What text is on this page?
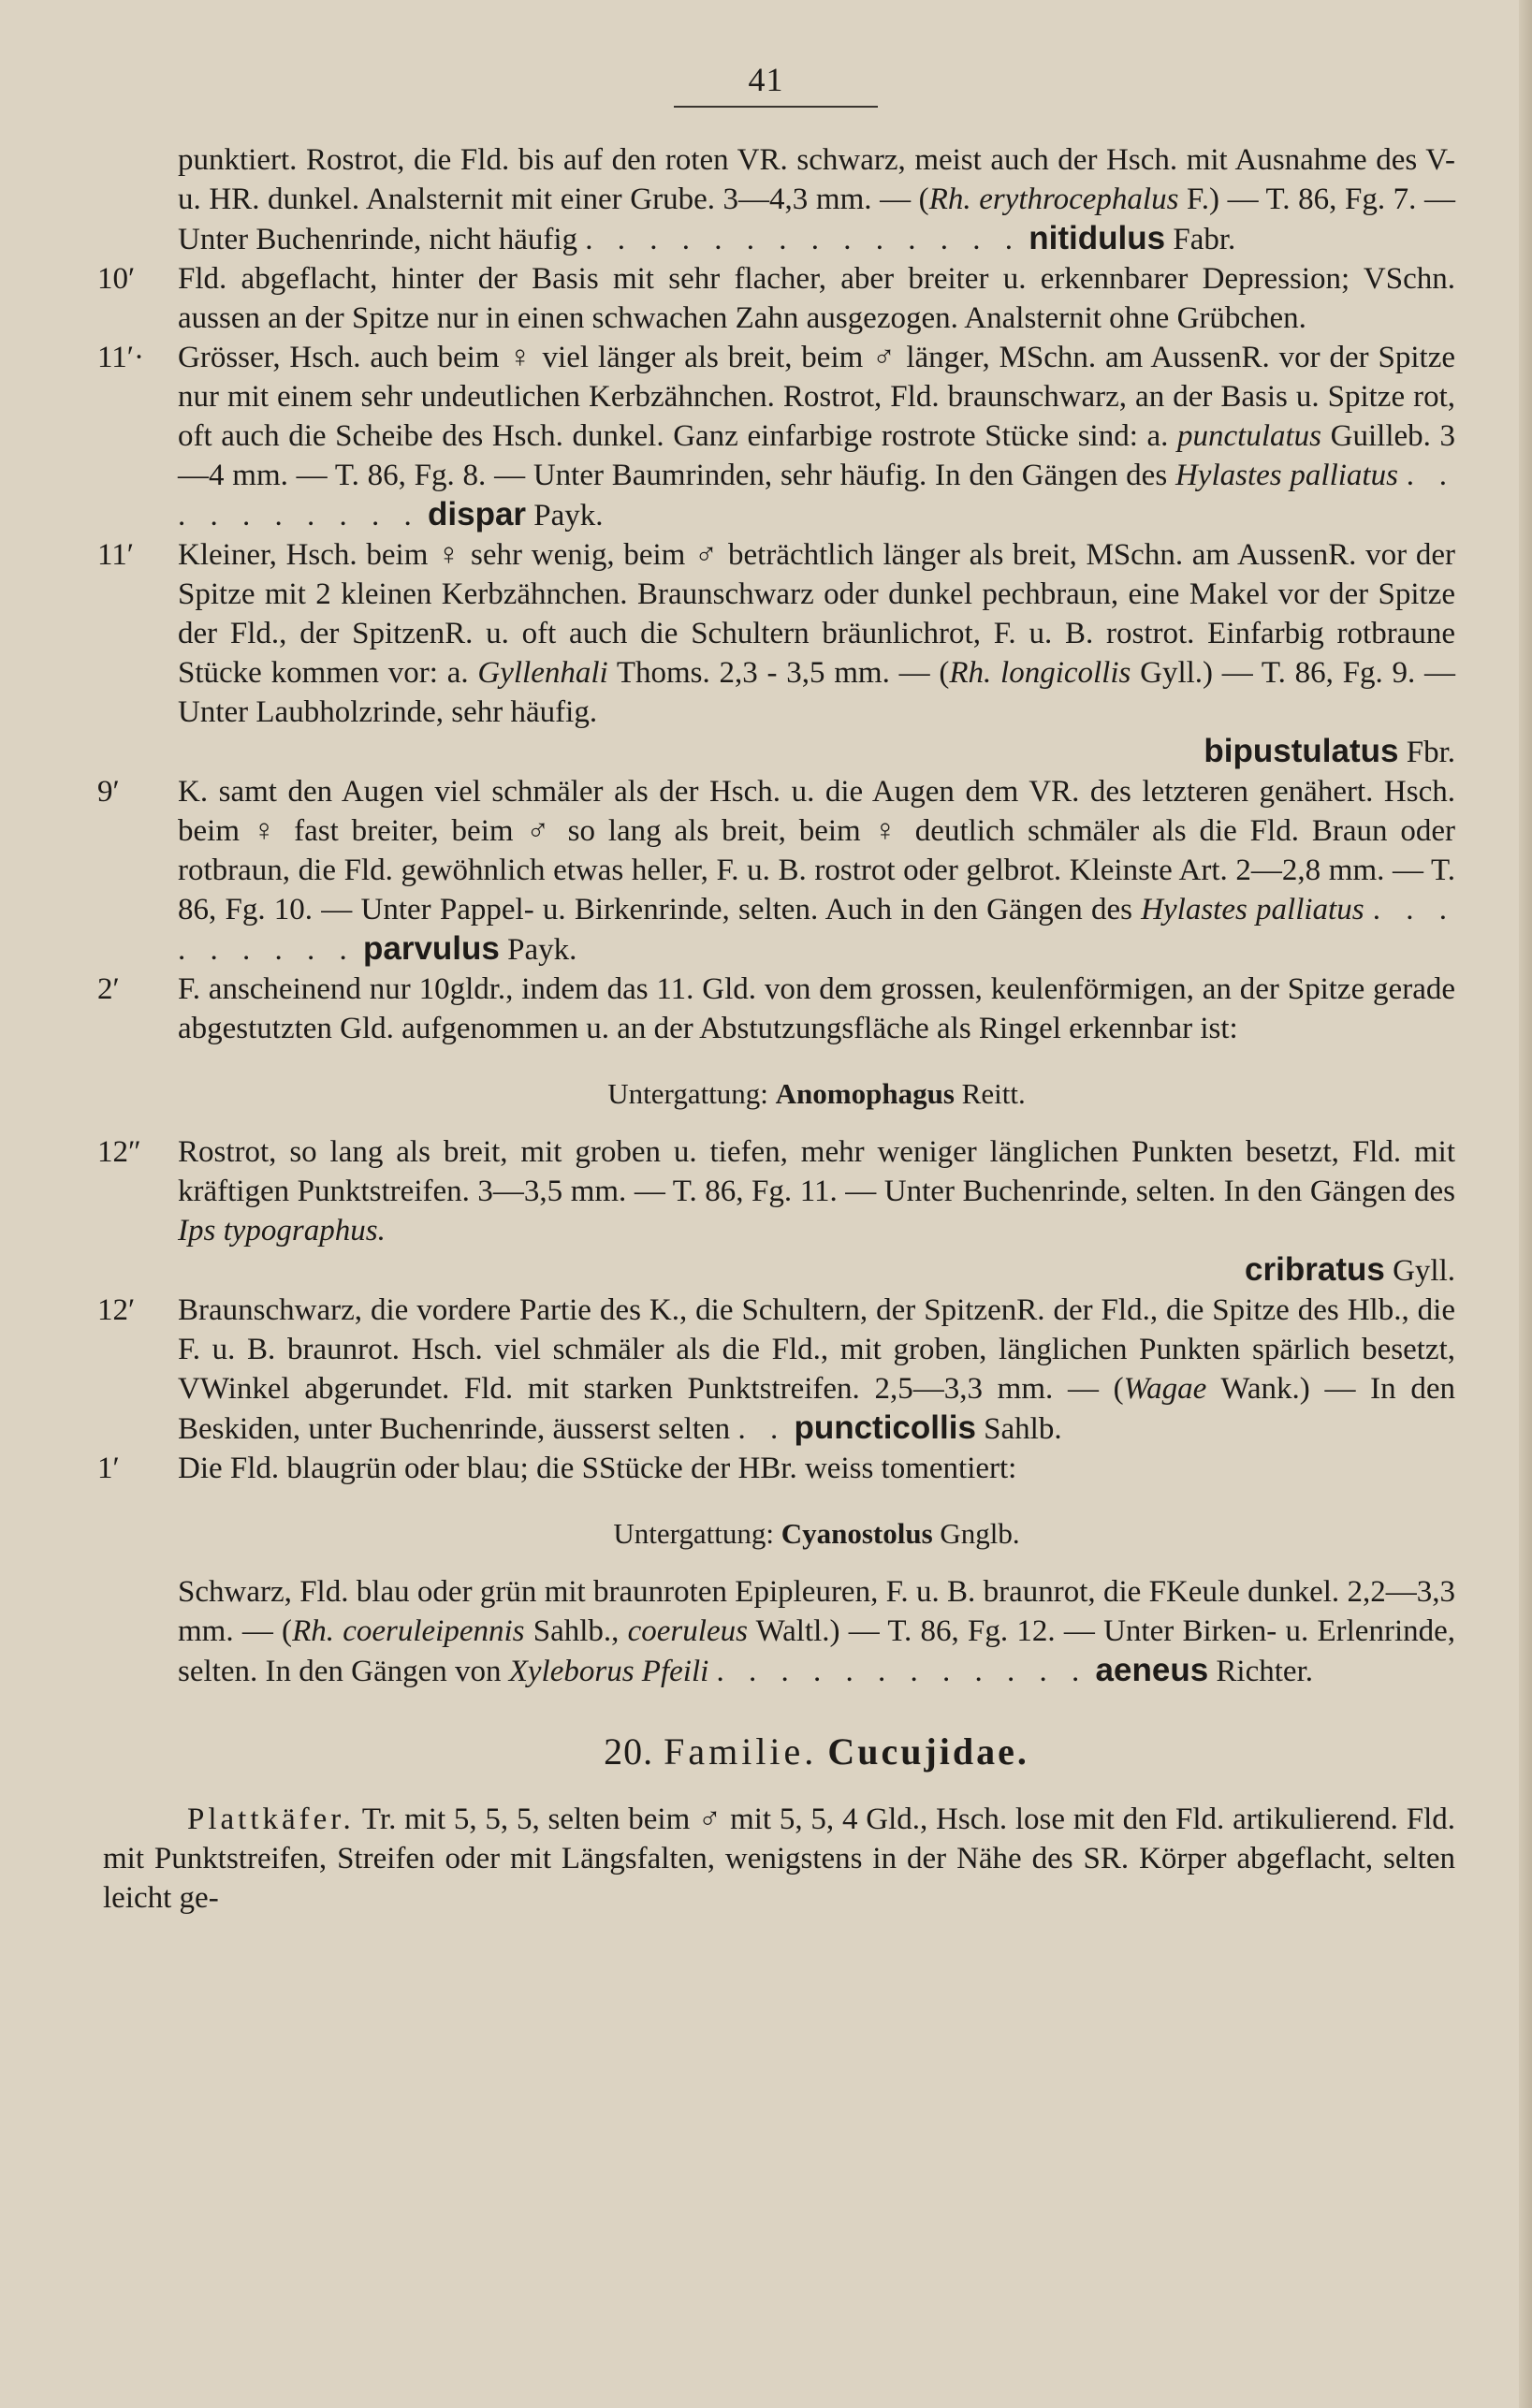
41
punktiert. Rostrot, die Fld. bis auf den roten VR. schwarz, meist auch der Hsch. mit Ausnahme des V- u. HR. dunkel. Analsternit mit einer Grube. 3—4,3 mm. — (Rh. erythrocephalus F.) — T. 86, Fg. 7. — Unter Buchenrinde, nicht häufig . . . . . . . . . . . . . . nitidulus Fabr.
10′	Fld. abgeflacht, hinter der Basis mit sehr flacher, aber breiter u. erkennbarer Depression; VSchn. aussen an der Spitze nur in einen schwachen Zahn ausgezogen. Analsternit ohne Grübchen.
11′·	Grösser, Hsch. auch beim ♀ viel länger als breit, beim ♂ länger, MSchn. am AussenR. vor der Spitze nur mit einem sehr undeutlichen Kerbzähnchen. Rostrot, Fld. braunschwarz, an der Basis u. Spitze rot, oft auch die Scheibe des Hsch. dunkel. Ganz einfarbige rostrote Stücke sind: a. punctulatus Guilleb. 3—4 mm. — T. 86, Fg. 8. — Unter Baumrinden, sehr häufig. In den Gängen des Hylastes palliatus . . . . . . . . . . dispar Payk.
11′	Kleiner, Hsch. beim ♀ sehr wenig, beim ♂ beträchtlich länger als breit, MSchn. am AussenR. vor der Spitze mit 2 kleinen Kerbzähnchen. Braunschwarz oder dunkel pechbraun, eine Makel vor der Spitze der Fld., der SpitzenR. u. oft auch die Schultern bräunlichrot, F. u. B. rostrot. Einfarbig rotbraune Stücke kommen vor: a. Gyllenhali Thoms. 2,3 - 3,5 mm. — (Rh. longicollis Gyll.) — T. 86, Fg. 9. — Unter Laubholzrinde, sehr häufig.
bipustulatus Fbr.
9′	K. samt den Augen viel schmäler als der Hsch. u. die Augen dem VR. des letzteren genähert. Hsch. beim ♀ fast breiter, beim ♂ so lang als breit, beim ♀ deutlich schmäler als die Fld. Braun oder rotbraun, die Fld. gewöhnlich etwas heller, F. u. B. rostrot oder gelbrot. Kleinste Art. 2—2,8 mm. — T. 86, Fg. 10. — Unter Pappel- u. Birkenrinde, selten. Auch in den Gängen des Hylastes palliatus . . . . . . . . . parvulus Payk.
2′	F. anscheinend nur 10gldr., indem das 11. Gld. von dem grossen, keulenförmigen, an der Spitze gerade abgestutzten Gld. aufgenommen u. an der Abstutzungsfläche als Ringel erkennbar ist:
Untergattung: Anomophagus Reitt.
12″	Rostrot, so lang als breit, mit groben u. tiefen, mehr weniger länglichen Punkten besetzt, Fld. mit kräftigen Punktstreifen. 3—3,5 mm. — T. 86, Fg. 11. — Unter Buchenrinde, selten. In den Gängen des Ips typographus.
cribratus Gyll.
12′	Braunschwarz, die vordere Partie des K., die Schultern, der SpitzenR. der Fld., die Spitze des Hlb., die F. u. B. braunrot. Hsch. viel schmäler als die Fld., mit groben, länglichen Punkten spärlich besetzt, VWinkel abgerundet. Fld. mit starken Punktstreifen. 2,5—3,3 mm. — (Wagae Wank.) — In den Beskiden, unter Buchenrinde, äusserst selten . . puncticollis Sahlb.
1′	Die Fld. blaugrün oder blau; die SStücke der HBr. weiss tomentiert:
Untergattung: Cyanostolus Gnglb.
Schwarz, Fld. blau oder grün mit braunroten Epipleuren, F. u. B. braunrot, die FKeule dunkel. 2,2—3,3 mm. — (Rh. coeruleipennis Sahlb., coeruleus Waltl.) — T. 86, Fg. 12. — Unter Birken- u. Erlenrinde, selten. In den Gängen von Xyleborus Pfeili . . . . . . . . . . . . aeneus Richter.
20. Familie. Cucujidae.
Plattkäfer. Tr. mit 5, 5, 5, selten beim ♂ mit 5, 5, 4 Gld., Hsch. lose mit den Fld. artikulierend. Fld. mit Punktstreifen, Streifen oder mit Längsfalten, wenigstens in der Nähe des SR. Körper abgeflacht, selten leicht ge-
